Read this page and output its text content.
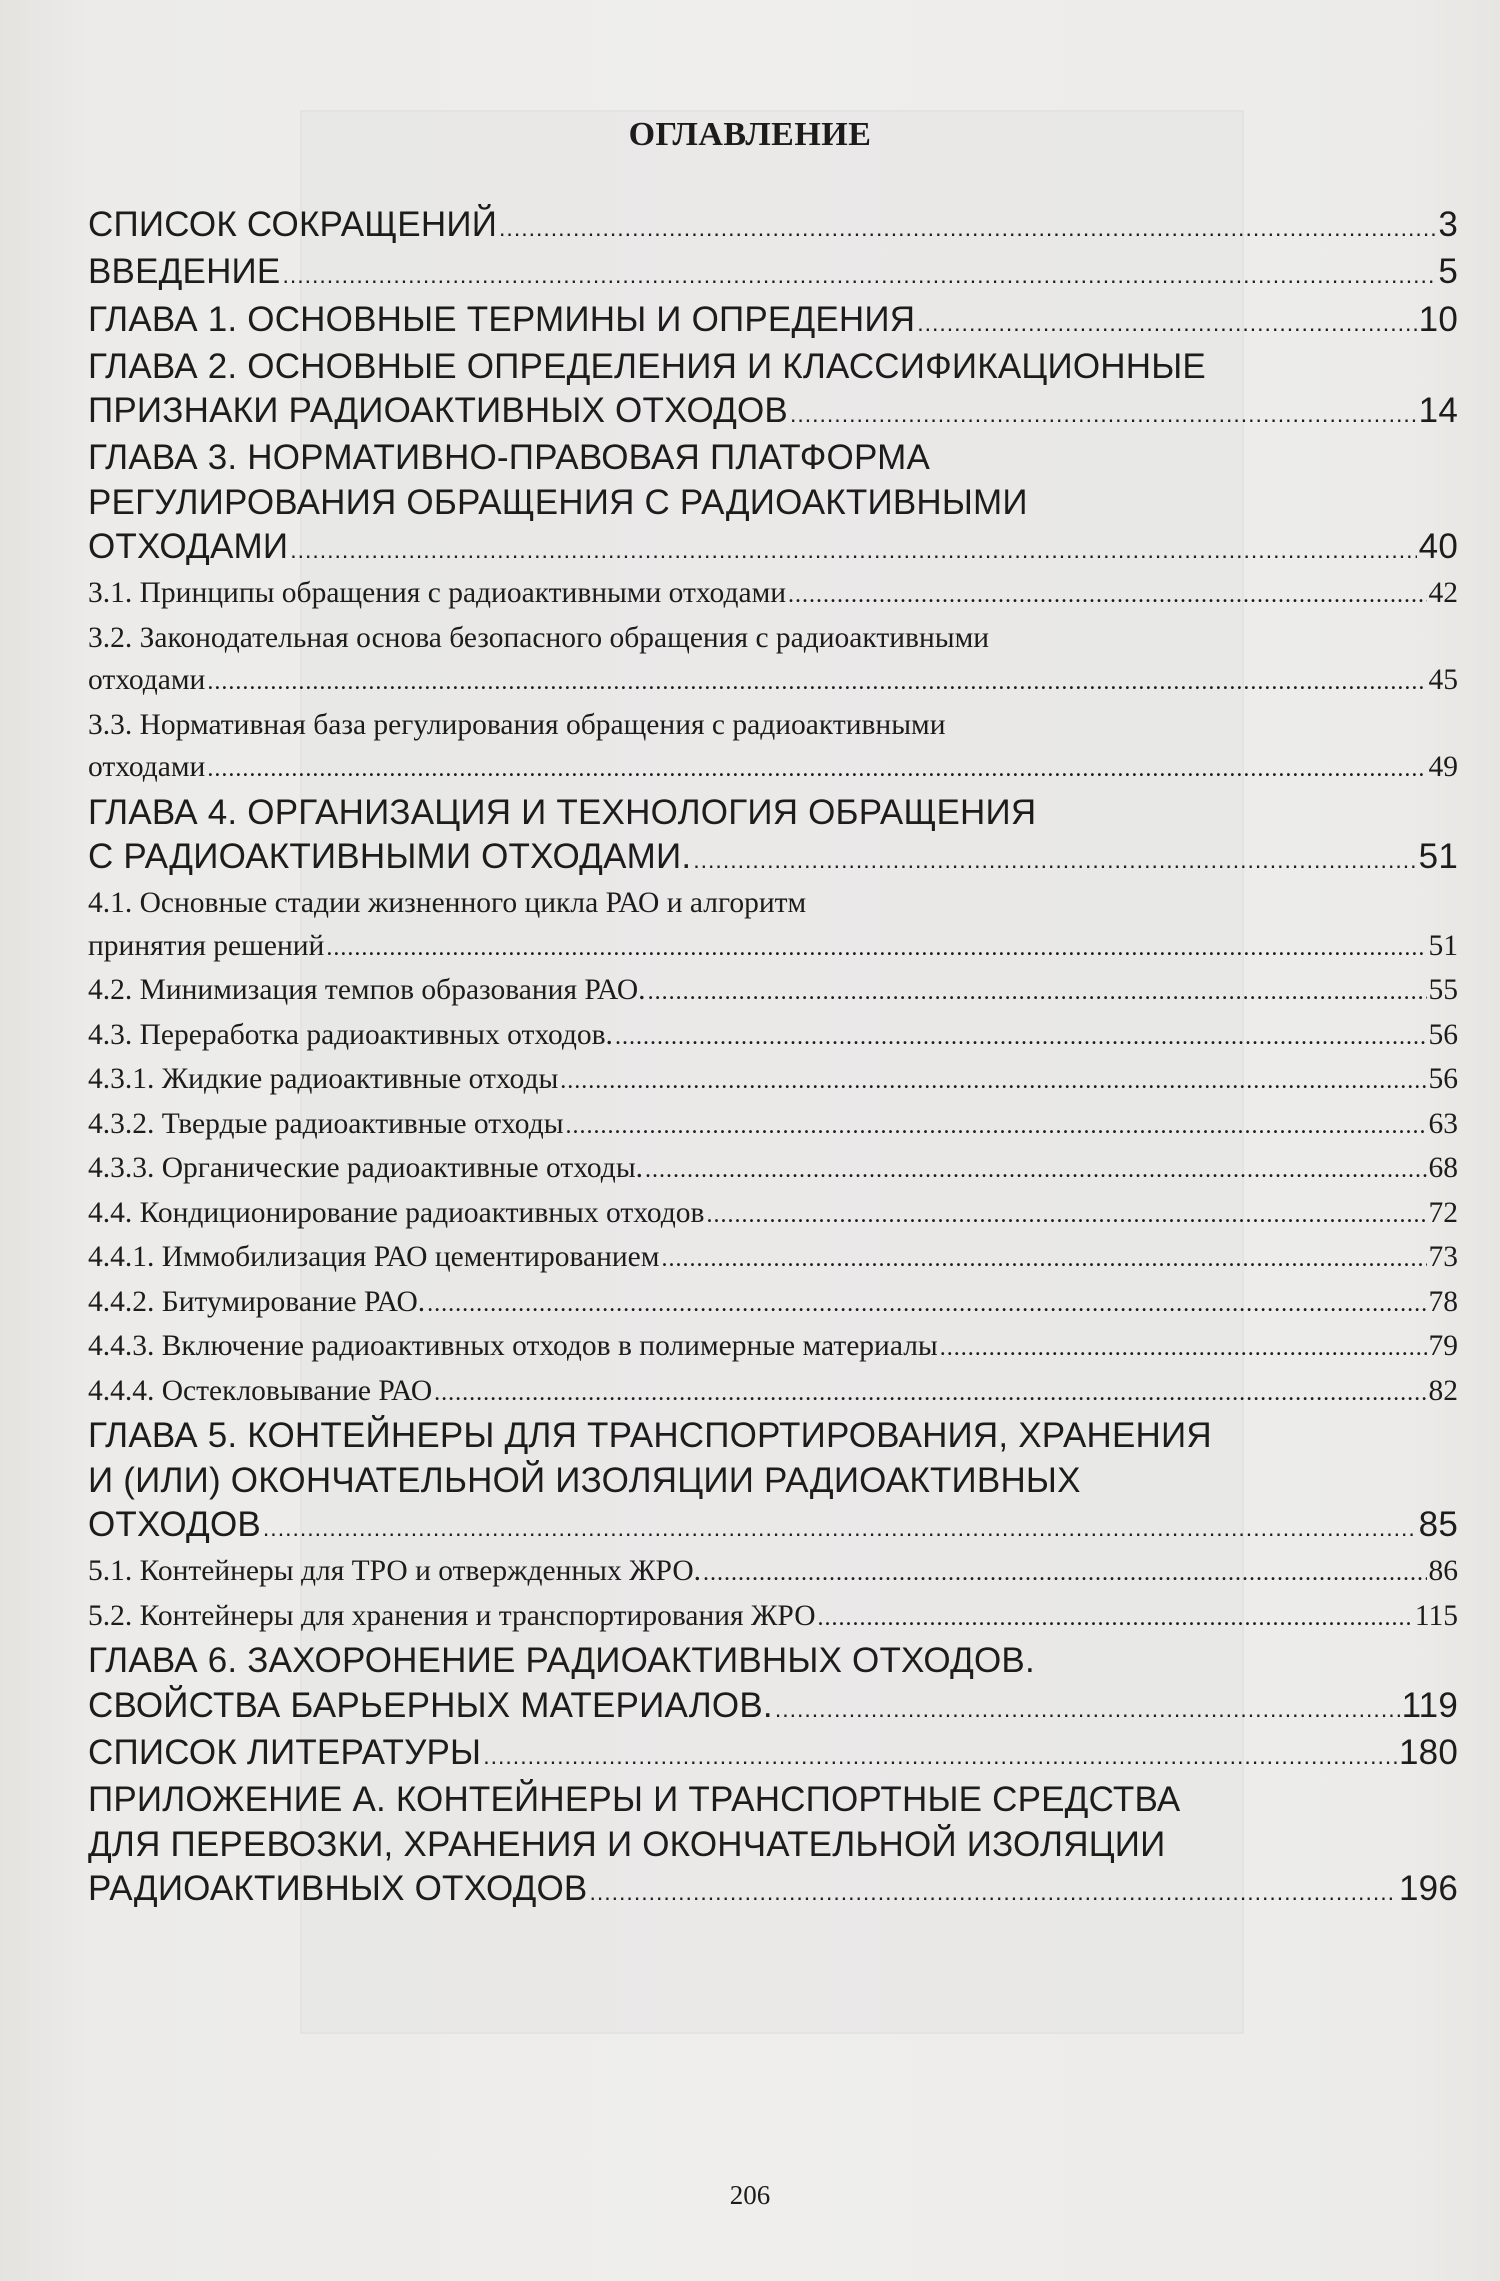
ОГЛАВЛЕНИЕ
СПИСОК СОКРАЩЕНИЙ .....	3
ВВЕДЕНИЕ .....	5
ГЛАВА 1. ОСНОВНЫЕ ТЕРМИНЫ И ОПРЕДЕНИЯ .....	10
ГЛАВА 2. ОСНОВНЫЕ ОПРЕДЕЛЕНИЯ И КЛАССИФИКАЦИОННЫЕ
ПРИЗНАКИ РАДИОАКТИВНЫХ ОТХОДОВ .....	14
ГЛАВА 3. НОРМАТИВНО-ПРАВОВАЯ ПЛАТФОРМА
РЕГУЛИРОВАНИЯ ОБРАЩЕНИЯ С РАДИОАКТИВНЫМИ
ОТХОДАМИ .....	40
3.1. Принципы обращения с радиоактивными отходами .....	42
3.2. Законодательная основа безопасного обращения с радиоактивными
отходами .....	45
3.3. Нормативная база регулирования обращения с радиоактивными
отходами .....	49
ГЛАВА 4. ОРГАНИЗАЦИЯ И ТЕХНОЛОГИЯ ОБРАЩЕНИЯ
С РАДИОАКТИВНЫМИ ОТХОДАМИ. .....	51
4.1. Основные стадии жизненного цикла РАО и алгоритм
принятия решений .....	51
4.2. Минимизация темпов образования РАО. .....	55
4.3. Переработка радиоактивных отходов. .....	56
4.3.1. Жидкие радиоактивные отходы .....	56
4.3.2. Твердые радиоактивные отходы .....	63
4.3.3. Органические радиоактивные отходы. .....	68
4.4. Кондиционирование радиоактивных отходов .....	72
4.4.1. Иммобилизация РАО цементированием .....	73
4.4.2. Битумирование РАО. .....	78
4.4.3. Включение радиоактивных отходов в полимерные материалы .....	79
4.4.4. Остекловывание РАО .....	82
ГЛАВА 5. КОНТЕЙНЕРЫ ДЛЯ ТРАНСПОРТИРОВАНИЯ, ХРАНЕНИЯ
И (ИЛИ) ОКОНЧАТЕЛЬНОЙ ИЗОЛЯЦИИ РАДИОАКТИВНЫХ
ОТХОДОВ .....	85
5.1. Контейнеры для ТРО и отвержденных ЖРО. .....	86
5.2. Контейнеры для хранения и транспортирования ЖРО .....	115
ГЛАВА 6. ЗАХОРОНЕНИЕ РАДИОАКТИВНЫХ ОТХОДОВ.
СВОЙСТВА БАРЬЕРНЫХ МАТЕРИАЛОВ. .....	119
СПИСОК ЛИТЕРАТУРЫ .....	180
ПРИЛОЖЕНИЕ А. КОНТЕЙНЕРЫ И ТРАНСПОРТНЫЕ СРЕДСТВА
ДЛЯ ПЕРЕВОЗКИ, ХРАНЕНИЯ И ОКОНЧАТЕЛЬНОЙ ИЗОЛЯЦИИ
РАДИОАКТИВНЫХ ОТХОДОВ .....	196
206
